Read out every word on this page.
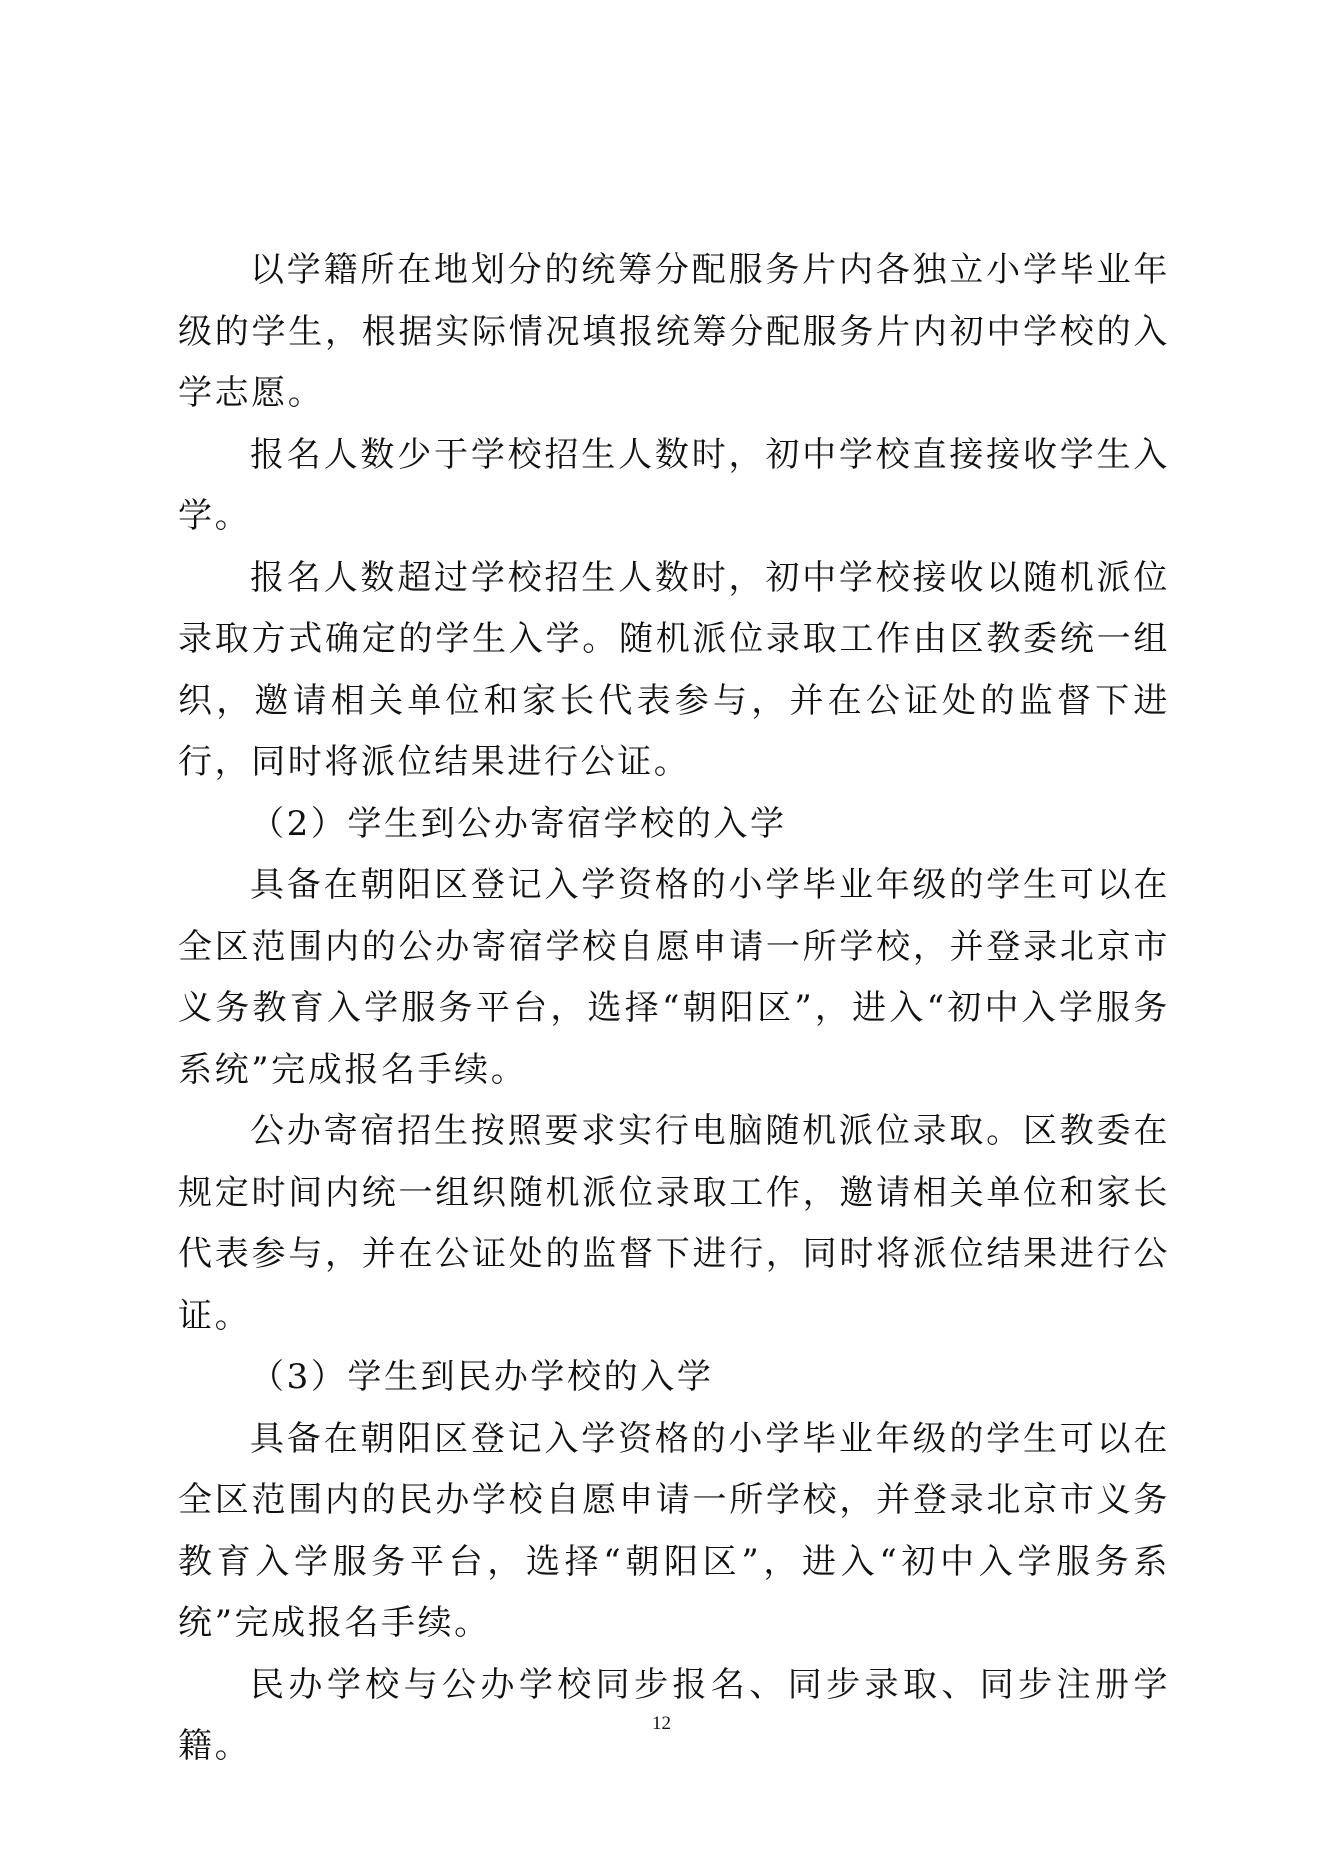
以学籍所在地划分的统筹分配服务片内各独立小学毕业年级的学生，根据实际情况填报统筹分配服务片内初中学校的入学志愿。

报名人数少于学校招生人数时，初中学校直接接收学生入学。

报名人数超过学校招生人数时，初中学校接收以随机派位录取方式确定的学生入学。随机派位录取工作由区教委统一组织，邀请相关单位和家长代表参与，并在公证处的监督下进行，同时将派位结果进行公证。

（2）学生到公办寄宿学校的入学

具备在朝阳区登记入学资格的小学毕业年级的学生可以在全区范围内的公办寄宿学校自愿申请一所学校，并登录北京市义务教育入学服务平台，选择“朝阳区”，进入“初中入学服务系统”完成报名手续。

公办寄宿招生按照要求实行电脑随机派位录取。区教委在规定时间内统一组织随机派位录取工作，邀请相关单位和家长代表参与，并在公证处的监督下进行，同时将派位结果进行公证。

（3）学生到民办学校的入学

具备在朝阳区登记入学资格的小学毕业年级的学生可以在全区范围内的民办学校自愿申请一所学校，并登录北京市义务教育入学服务平台，选择“朝阳区”，进入“初中入学服务系统”完成报名手续。

民办学校与公办学校同步报名、同步录取、同步注册学籍。

12
